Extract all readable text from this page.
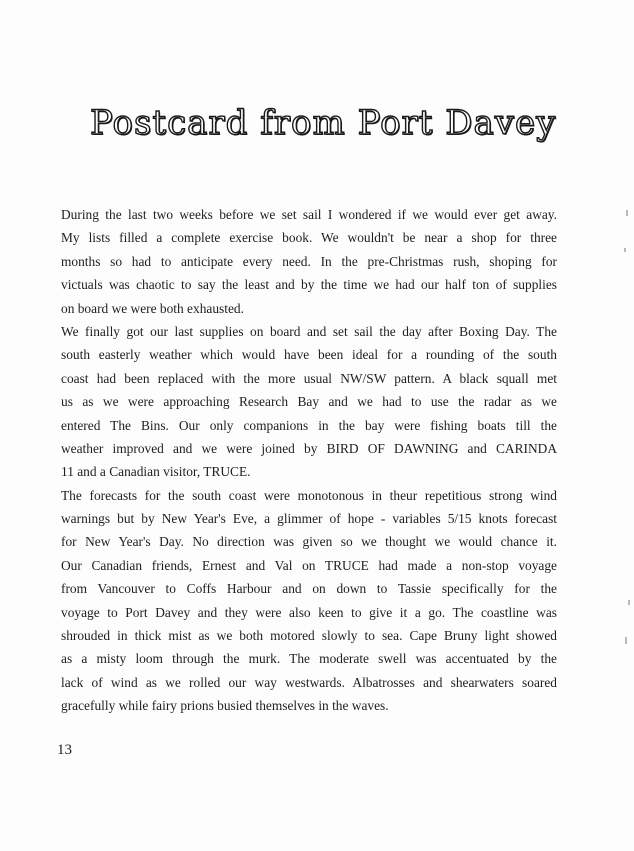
Postcard from Port Davey
During the last two weeks before we set sail I wondered if we would ever get away.
My lists filled a complete exercise book. We wouldn't be near a shop for three
months so had to anticipate every need. In the pre-Christmas rush, shoping for
victuals was chaotic to say the least and by the time we had our half ton of supplies
on board we were both exhausted.
We finally got our last supplies on board and set sail the day after Boxing Day. The
south easterly weather which would have been ideal for a rounding of the south
coast had been replaced with the more usual NW/SW pattern. A black squall met
us as we were approaching Research Bay and we had to use the radar as we
entered The Bins. Our only companions in the bay were fishing boats till the
weather improved and we were joined by BIRD OF DAWNING and CARINDA
11 and a Canadian visitor, TRUCE.
The forecasts for the south coast were monotonous in theur repetitious strong wind
warnings but by New Year's Eve, a glimmer of hope - variables 5/15 knots forecast
for New Year's Day. No direction was given so we thought we would chance it.
Our Canadian friends, Ernest and Val on TRUCE had made a non-stop voyage
from Vancouver to Coffs Harbour and on down to Tassie specifically for the
voyage to Port Davey and they were also keen to give it a go. The coastline was
shrouded in thick mist as we both motored slowly to sea. Cape Bruny light showed
as a misty loom through the murk. The moderate swell was accentuated by the
lack of wind as we rolled our way westwards. Albatrosses and shearwaters soared
gracefully while fairy prions busied themselves in the waves.

13
